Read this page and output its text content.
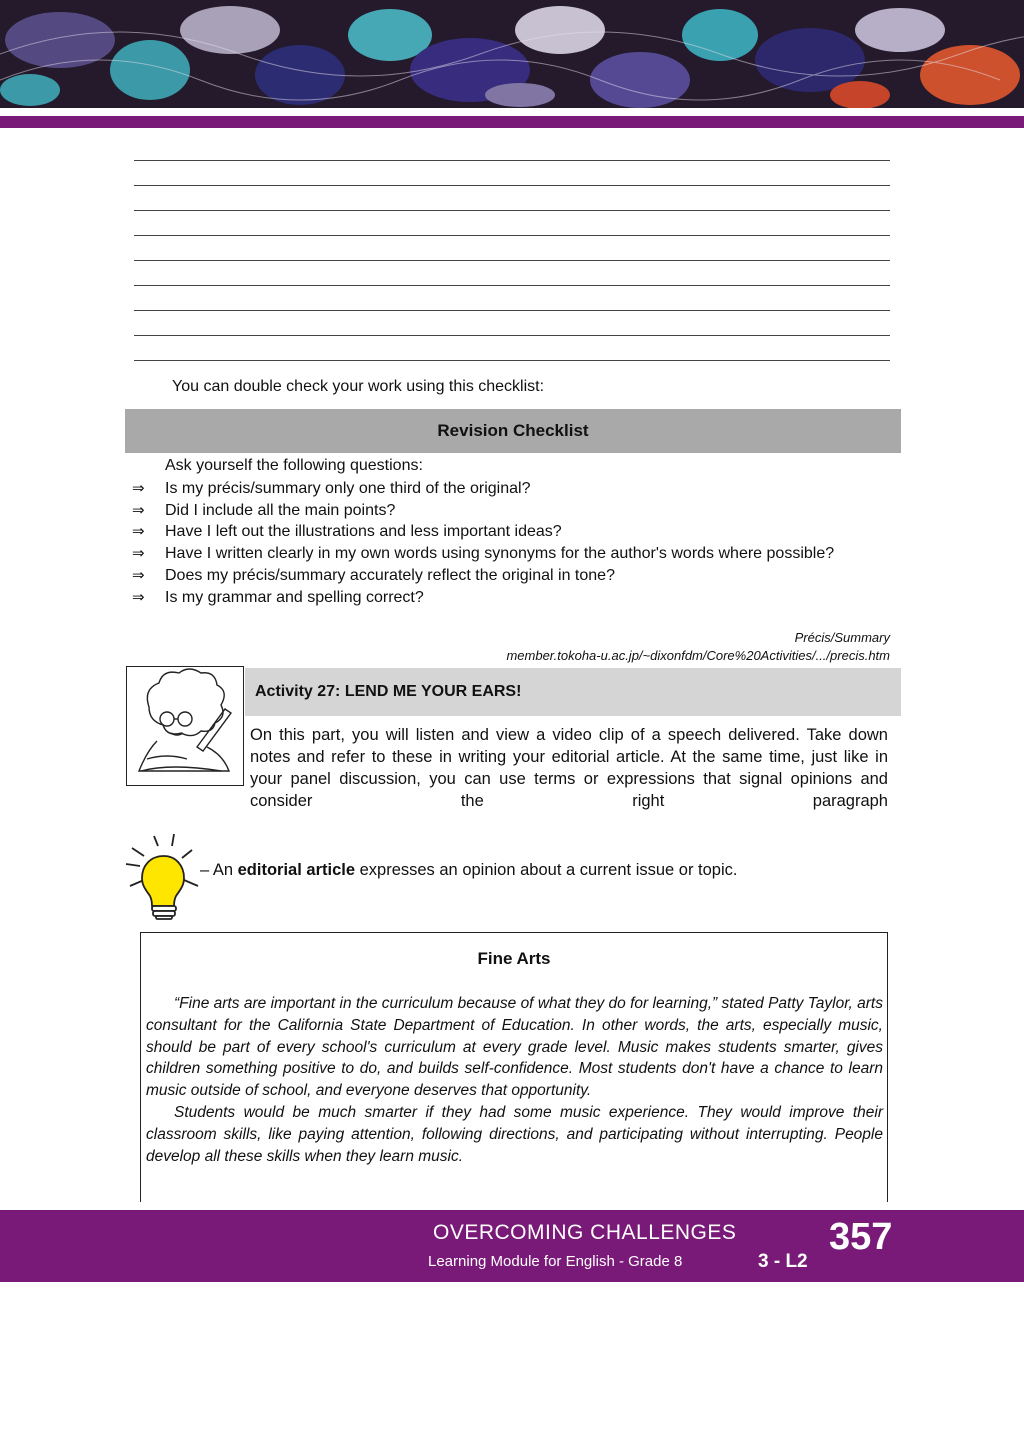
You can double check your work using this checklist:
Revision Checklist
Ask yourself the following questions:
⇒	Is my précis/summary only one third of the original?
⇒	Did I include all the main points?
⇒	Have I left out the illustrations and less important ideas?
⇒	Have I written clearly in my own words using synonyms for the author's words where possible?
⇒	Does my précis/summary accurately reflect the original in tone?
⇒	Is my grammar and spelling correct?
Précis/Summary
member.tokoha-u.ac.jp/~dixonfdm/Core%20Activities/.../precis.htm
Activity 27: LEND ME YOUR EARS!
On this part, you will listen and view a video clip of a speech delivered. Take down notes and refer to these in writing your editorial article. At the same time, just like in your panel discussion, you can use terms or expressions that signal opinions and consider the right paragraph
– An editorial article expresses an opinion about a current issue or topic.
Fine Arts

“Fine arts are important in the curriculum because of what they do for learning,” stated Patty Taylor, arts consultant for the California State Department of Education. In other words, the arts, especially music, should be part of every school's curriculum at every grade level. Music makes students smarter, gives children something positive to do, and builds self-confidence. Most students don't have a chance to learn music outside of school, and everyone deserves that opportunity.

Students would be much smarter if they had some music experience. They would improve their classroom skills, like paying attention, following directions, and participating without interrupting. People develop all these skills when they learn music.

OVERCOMING CHALLENGES
Learning Module for English - Grade 8	3 - L2
357
